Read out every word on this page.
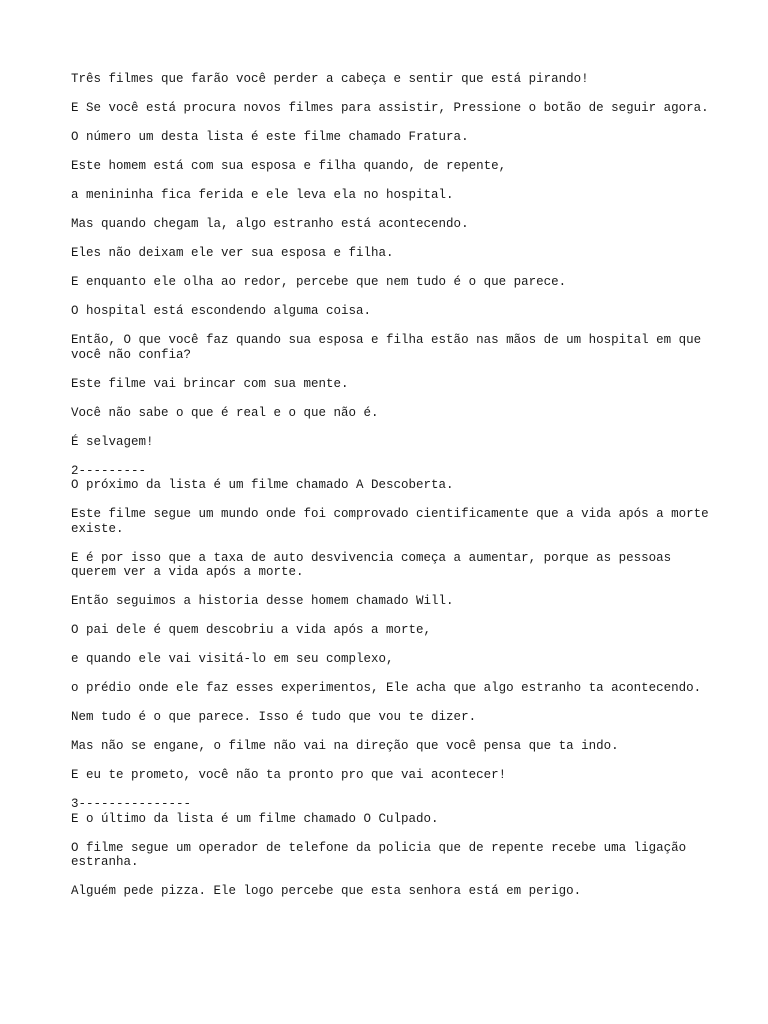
Três filmes que farão você perder a cabeça e sentir que está pirando!

E Se você está procura novos filmes para assistir, Pressione o botão de seguir agora.

O número um desta lista é este filme chamado Fratura.

Este homem está com sua esposa e filha quando, de repente,

a menininha fica ferida e ele leva ela no hospital.

Mas quando chegam la, algo estranho está acontecendo.

Eles não deixam ele ver sua esposa e filha.

E enquanto ele olha ao redor, percebe que nem tudo é o que parece.

O hospital está escondendo alguma coisa.

Então, O que você faz quando sua esposa e filha estão nas mãos de um hospital em que você não confia?

Este filme vai brincar com sua mente.

Você não sabe o que é real e o que não é.

É selvagem!

2---------

O próximo da lista é um filme chamado A Descoberta.

Este filme segue um mundo onde foi comprovado cientificamente que a vida após a morte existe.

E é por isso que a taxa de auto desvivencia começa a aumentar, porque as pessoas querem ver a vida após a morte.

Então seguimos a historia desse homem chamado Will.

O pai dele é quem descobriu a vida após a morte,

e quando ele vai visitá-lo em seu complexo,

o prédio onde ele faz esses experimentos, Ele acha que algo estranho ta acontecendo.

Nem tudo é o que parece. Isso é tudo que vou te dizer.

Mas não se engane, o filme não vai na direção que você pensa que ta indo.

E eu te prometo, você não ta pronto pro que vai acontecer!

3---------------

E o último da lista é um filme chamado O Culpado.

O filme segue um operador de telefone da policia que de repente recebe uma ligação estranha.

Alguém pede pizza. Ele logo percebe que esta senhora está em perigo.
